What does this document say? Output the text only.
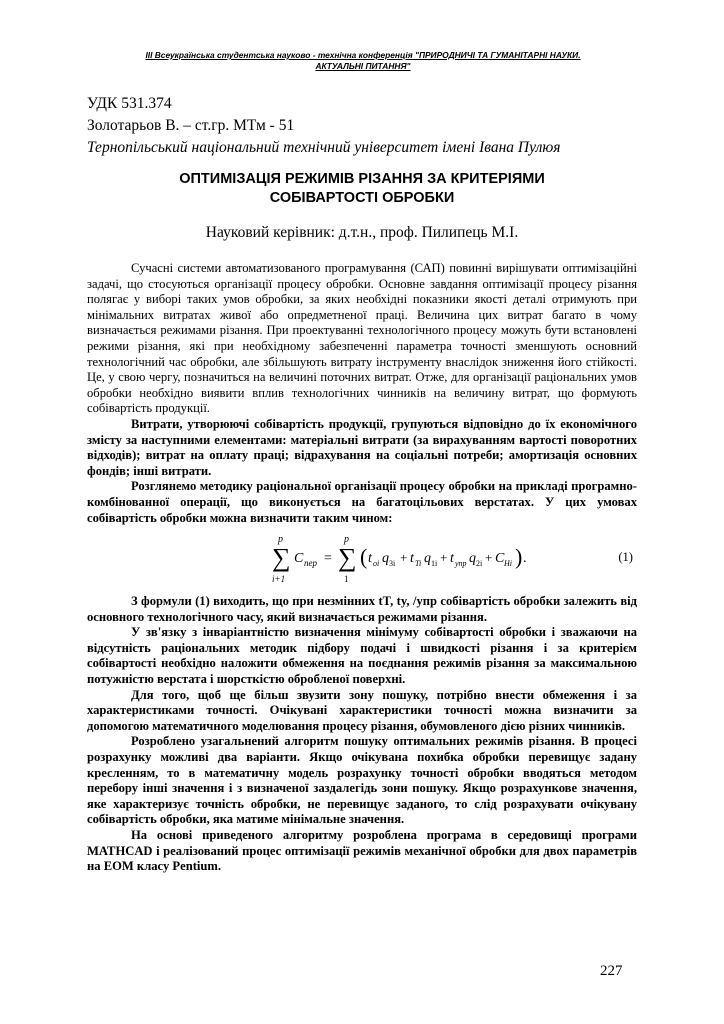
III Всеукраїнська студентська науково - технічна конференція "ПРИРОДНИЧІ ТА ГУМАНІТАРНІ НАУКИ.
АКТУАЛЬНІ ПИТАННЯ"
УДК 531.374
Золотарьов В. – ст.гр. МТм - 51
Тернопільський національний технічний університет імені Івана Пулюя
ОПТИМІЗАЦІЯ РЕЖИМІВ РІЗАННЯ ЗА КРИТЕРІЯМИ
СОБІВАРТОСТІ ОБРОБКИ
Науковий керівник: д.т.н., проф. Пилипець М.І.

Сучасні системи автоматизованого програмування (САП) повинні вирішувати оптимізаційні задачі, що стосуються організації процесу обробки. Основне завдання оптимізації процесу різання полягає у виборі таких умов обробки, за яких необхідні показники якості деталі отримують при мінімальних витратах живої або опредметненої праці. Величина цих витрат багато в чому визначається режимами різання. При проектуванні технологічного процесу можуть бути встановлені режими різання, які при необхідному забезпеченні параметра точності зменшують основний технологічний час обробки, але збільшують витрату інструменту внаслідок зниження його стійкості. Це, у свою чергу, позначиться на величині поточних витрат. Отже, для організації раціональних умов обробки необхідно виявити вплив технологічних чинників на величину витрат, що формують собівартість продукції.

Витрати, утворюючі собівартість продукції, групуються відповідно до їх економічного змісту за наступними елементами: матеріальні витрати (за вирахуванням вартості поворотних відходів); витрат на оплату праці; відрахування на соціальні потреби; амортизація основних фондів; інші витрати.

Розглянемо методику раціональної організації процесу обробки на прикладі програмно-комбінованної операції, що виконується на багатоцільових верстатах. У цих умовах собівартість обробки можна визначити таким чином:

p
∑
i+1
C пер =
p
∑
1
( t oi q 3i + t Ti q 1i + t упр q 2i + C Hi ) .	(1)

З формули (1) виходить, що при незмінних tT, ty, /упр собівартість обробки залежить від основного технологічного часу, який визначається режимами різання.

У зв'язку з інваріантністю визначення мінімуму собівартості обробки і зважаючи на відсутність раціональних методик підбору подачі і швидкості різання і за критерієм собівартості необхідно наложити обмеження на поєднання режимів різання за максимальною потужністю верстата і шорсткістю обробленої поверхні.

Для того, щоб ще більш звузити зону пошуку, потрібно внести обмеження і за характеристиками точності. Очікувані характеристики точності можна визначити за допомогою математичного моделювання процесу різання, обумовленого дією різних чинників.

Розроблено узагальнений алгоритм пошуку оптимальних режимів різання. В процесі розрахунку можливі два варіанти. Якщо очікувана похибка обробки перевищує задану кресленням, то в математичну модель розрахунку точності обробки вводяться методом перебору інші значення і з визначеної заздалегідь зони пошуку. Якщо розрахункове значення, яке характеризує точність обробки, не перевищує заданого, то слід розрахувати очікувану собівартість обробки, яка матиме мінімальне значення.

На основі приведеного алгоритму розроблена програма в середовищі програми MATHCAD і реалізований процес оптимізації режимів механічної обробки для двох параметрів на ЕОМ класу Pentium.

227
